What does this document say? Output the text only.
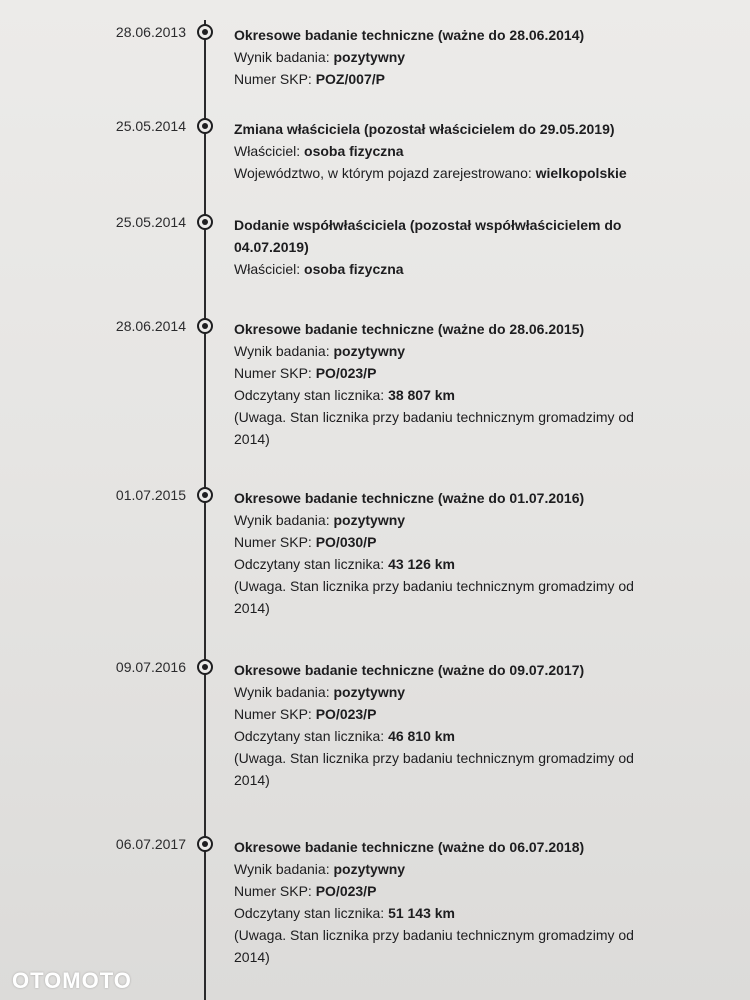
28.06.2013	Okresowe badanie techniczne (ważne do 28.06.2014)
Wynik badania: pozytywny
Numer SKP: POZ/007/P
25.05.2014	Zmiana właściciela (pozostał właścicielem do 29.05.2019)
Właściciel: osoba fizyczna
Województwo, w którym pojazd zarejestrowano: wielkopolskie
25.05.2014	Dodanie współwłaściciela (pozostał współwłaścicielem do 04.07.2019)
Właściciel: osoba fizyczna
28.06.2014	Okresowe badanie techniczne (ważne do 28.06.2015)
Wynik badania: pozytywny
Numer SKP: PO/023/P
Odczytany stan licznika: 38 807 km
(Uwaga. Stan licznika przy badaniu technicznym gromadzimy od 2014)
01.07.2015	Okresowe badanie techniczne (ważne do 01.07.2016)
Wynik badania: pozytywny
Numer SKP: PO/030/P
Odczytany stan licznika: 43 126 km
(Uwaga. Stan licznika przy badaniu technicznym gromadzimy od 2014)
09.07.2016	Okresowe badanie techniczne (ważne do 09.07.2017)
Wynik badania: pozytywny
Numer SKP: PO/023/P
Odczytany stan licznika: 46 810 km
(Uwaga. Stan licznika przy badaniu technicznym gromadzimy od 2014)
06.07.2017	Okresowe badanie techniczne (ważne do 06.07.2018)
Wynik badania: pozytywny
Numer SKP: PO/023/P
Odczytany stan licznika: 51 143 km
(Uwaga. Stan licznika przy badaniu technicznym gromadzimy od 2014)
OTOMOTO
